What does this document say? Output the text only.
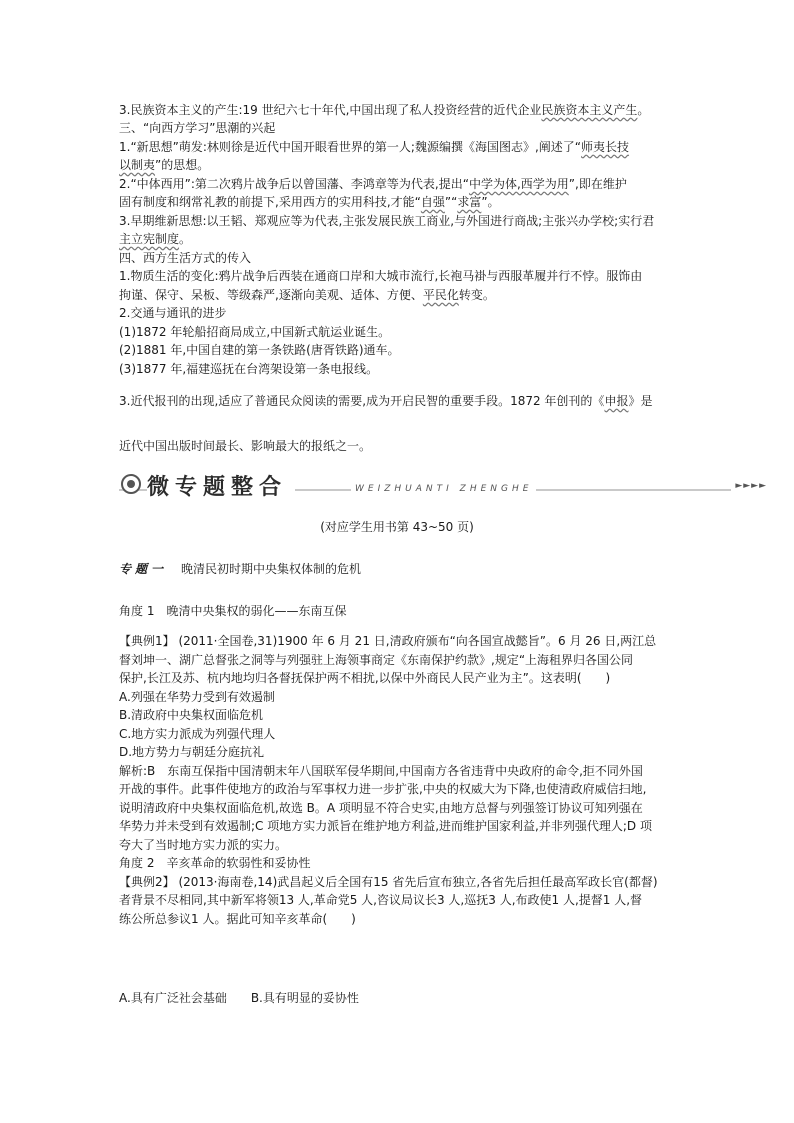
3.民族资本主义的产生:19 世纪六七十年代,中国出现了私人投资经营的近代企业民族资本主义产生。
三、“向西方学习”思潮的兴起
1.“新思想”萌发:林则徐是近代中国开眼看世界的第一人;魏源编撰《海国图志》,阐述了“师夷长技
以制夷”的思想。
2.“中体西用”:第二次鸦片战争后以曾国藩、李鸿章等为代表,提出“中学为体,西学为用”,即在维护
固有制度和纲常礼教的前提下,采用西方的实用科技,才能“自强”“求富”。
3.早期维新思想:以王韬、郑观应等为代表,主张发展民族工商业,与外国进行商战;主张兴办学校;实行君
主立宪制度。
四、西方生活方式的传入
1.物质生活的变化:鸦片战争后西装在通商口岸和大城市流行,长袍马褂与西服革履并行不悖。服饰由
拘谨、保守、呆板、等级森严,逐渐向美观、适体、方便、平民化转变。
2.交通与通讯的进步
(1)1872 年轮船招商局成立,中国新式航运业诞生。
(2)1881 年,中国自建的第一条铁路(唐胥铁路)通车。
(3)1877 年,福建巡抚在台湾架设第一条电报线。
3.近代报刊的出现,适应了普通民众阅读的需要,成为开启民智的重要手段。1872 年创刊的《申报》是
近代中国出版时间最长、影响最大的报纸之一。
微专题整合	WEIZHUANTI ZHENGHE	►►►►
(对应学生用书第 43~50 页)
专题一 晚清民初时期中央集权体制的危机
角度 1　晚清中央集权的弱化——东南互保
【典例1】 (2011·全国卷,31)1900 年 6 月 21 日,清政府颁布“向各国宣战懿旨”。6 月 26 日,两江总
督刘坤一、湖广总督张之洞等与列强驻上海领事商定《东南保护约款》,规定“上海租界归各国公同
保护,长江及苏、杭内地均归各督抚保护两不相扰,以保中外商民人民产业为主”。这表明(　　)
A.列强在华势力受到有效遏制
B.清政府中央集权面临危机
C.地方实力派成为列强代理人
D.地方势力与朝廷分庭抗礼
解析:B　东南互保指中国清朝末年八国联军侵华期间,中国南方各省违背中央政府的命令,拒不同外国
开战的事件。此事件使地方的政治与军事权力进一步扩张,中央的权威大为下降,也使清政府威信扫地,
说明清政府中央集权面临危机,故选 B。A 项明显不符合史实,由地方总督与列强签订协议可知列强在
华势力并未受到有效遏制;C 项地方实力派旨在维护地方利益,进而维护国家利益,并非列强代理人;D 项
夸大了当时地方实力派的实力。
角度 2　辛亥革命的软弱性和妥协性
【典例2】 (2013·海南卷,14)武昌起义后全国有15 省先后宣布独立,各省先后担任最高军政长官(都督)
者背景不尽相同,其中新军将领13 人,革命党5 人,咨议局议长3 人,巡抚3 人,布政使1 人,提督1 人,督
练公所总参议1 人。据此可知辛亥革命(　　)
A.具有广泛社会基础　　B.具有明显的妥协性
